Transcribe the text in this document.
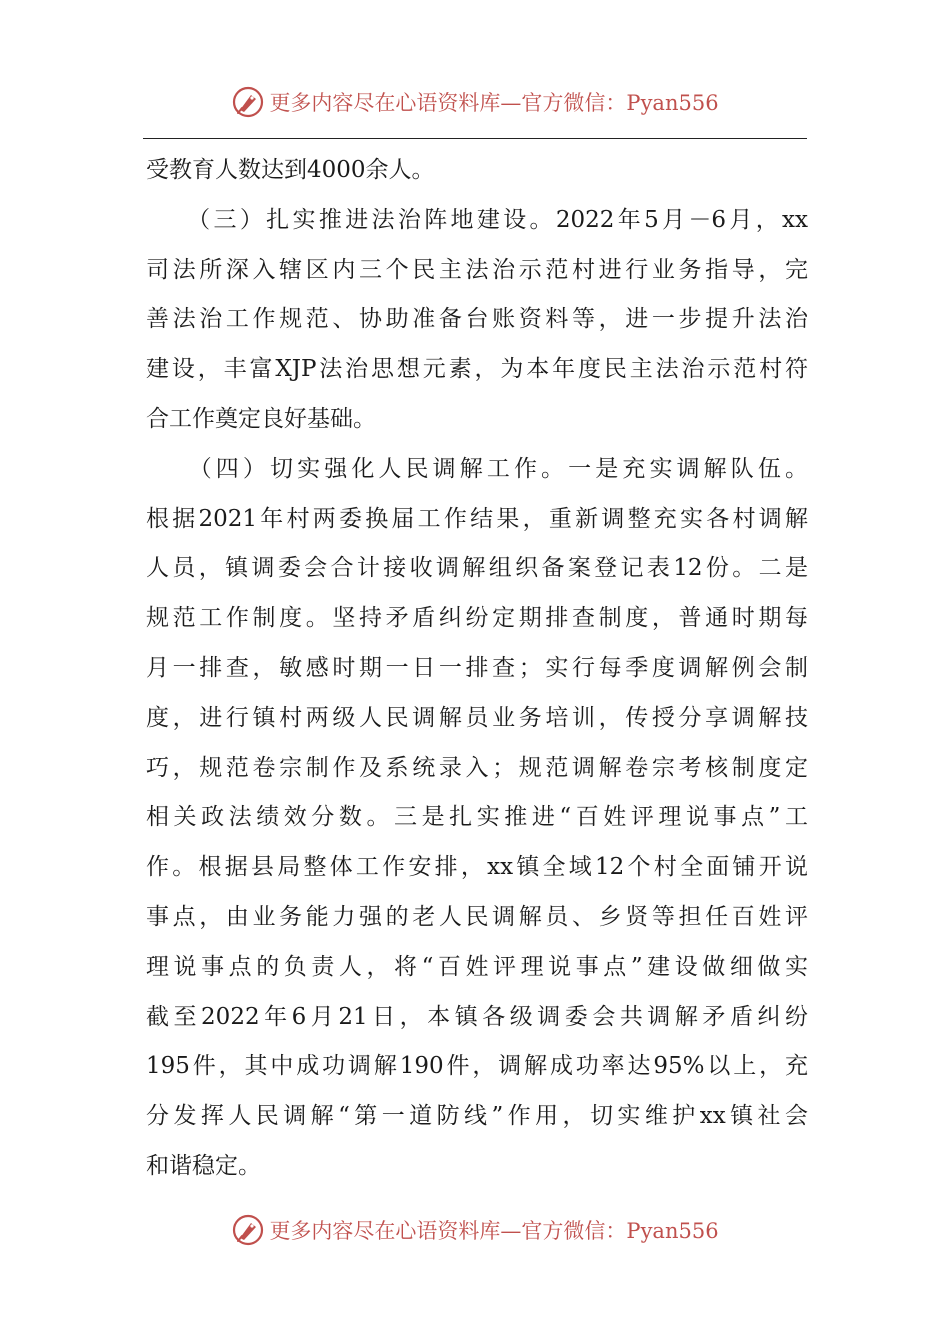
更多内容尽在心语资料库—官方微信：Pyan556
受教育人数达到4000余人。
　　（三）扎实推进法治阵地建设。2022年5月－6月，xx
司法所深入辖区内三个民主法治示范村进行业务指导，完
善法治工作规范、协助准备台账资料等，进一步提升法治
建设，丰富XJP法治思想元素，为本年度民主法治示范村符
合工作奠定良好基础。
　　（四）切实强化人民调解工作。一是充实调解队伍。
根据2021年村两委换届工作结果，重新调整充实各村调解
人员，镇调委会合计接收调解组织备案登记表12份。二是
规范工作制度。坚持矛盾纠纷定期排查制度，普通时期每
月一排查，敏感时期一日一排查；实行每季度调解例会制
度，进行镇村两级人民调解员业务培训，传授分享调解技
巧，规范卷宗制作及系统录入；规范调解卷宗考核制度定
相关政法绩效分数。三是扎实推进“百姓评理说事点”工
作。根据县局整体工作安排，xx镇全域12个村全面铺开说
事点，由业务能力强的老人民调解员、乡贤等担任百姓评
理说事点的负责人，将“百姓评理说事点”建设做细做实
截至2022年6月21日，本镇各级调委会共调解矛盾纠纷
195件，其中成功调解190件，调解成功率达95%以上，充
分发挥人民调解“第一道防线”作用，切实维护xx镇社会
和谐稳定。
更多内容尽在心语资料库—官方微信：Pyan556
